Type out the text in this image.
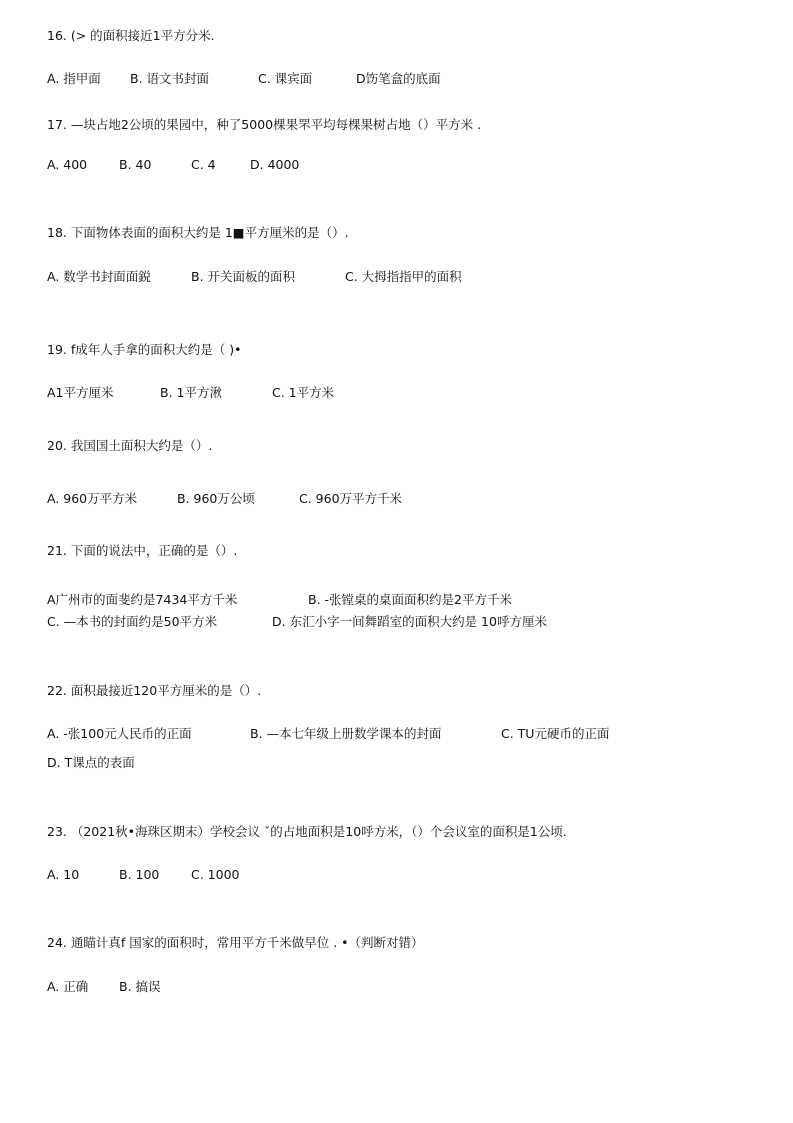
16. (> 的面积接近1平方分米.
A. 指甲面 B. 语文书封面	C. 课宾面	D饬笔盒的底面
17. —块占地2公顷的果园中，种了5000棵果罘平均每棵果树占地（）平方米 .
A. 400	B. 40	C. 4	D. 4000
18. 下面物体表面的面积大约是 1■平方厘米的是（）.
A. 数学书封面面鋭	B. 开关面板的面积	C. 大拇指指甲的面积
19. f成年人手拿的面积大约是（ )•
A1平方厘米	B. 1平方湫	C. 1平方米
20. 我国国土面积大约是（）.
A. 960万平方米	B. 960万公顷	C. 960万平方千米
21. 下面的说法中，正确的是（）.
A广州市的面斐约是7434平方千米	B. -张镗桌的桌面面积约是2平方千米
C. —本书的封面约是50平方米	D. 东汇小字一间舞蹈室的面积大约是 10呼方厘米
22. 面积最接近120平方厘米的是（）.
A. -张100元人民币的正面	B. —本七年级上册数学课本的封面	C. TU元硬币的正面
D. T课点的表面
23. （2021秋•海珠区期末）学校会议 ˇ的占地面积是10呼方米，（）个会议室的面积是1公顷.
A. 10	B. 100	C. 1000
24. 通瞄计真f 国家的面积时，常用平方千米做早位 . •（判断对错）
A. 正确 B. 搞误
